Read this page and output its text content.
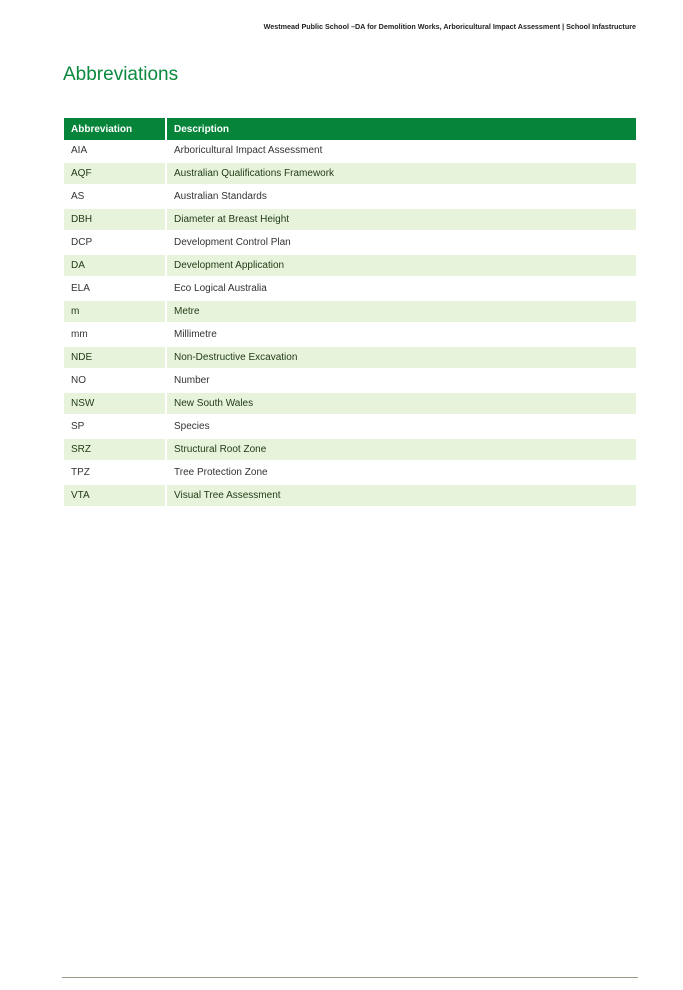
Westmead Public School –DA for Demolition Works, Arboricultural Impact Assessment | School Infastructure
Abbreviations
Abbreviation	Description
AIA	Arboricultural Impact Assessment
AQF	Australian Qualifications Framework
AS	Australian Standards
DBH	Diameter at Breast Height
DCP	Development Control Plan
DA	Development Application
ELA	Eco Logical Australia
m	Metre
mm	Millimetre
NDE	Non-Destructive Excavation
NO	Number
NSW	New South Wales
SP	Species
SRZ	Structural Root Zone
TPZ	Tree Protection Zone
VTA	Visual Tree Assessment
